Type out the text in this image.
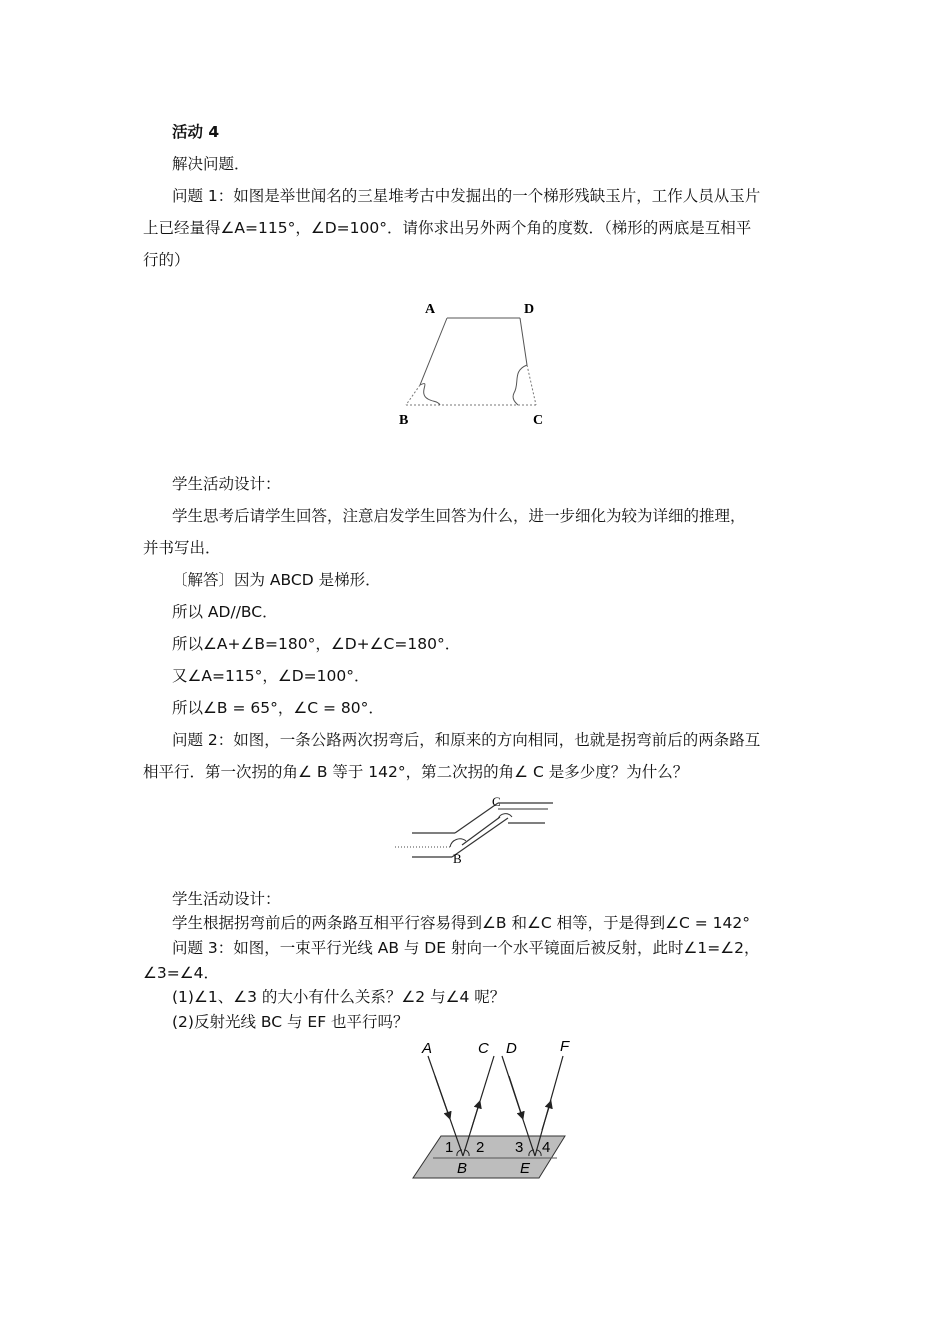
活动 4
解决问题．
问题 1：如图是举世闻名的三星堆考古中发掘出的一个梯形残缺玉片，工作人员从玉片
上已经量得∠A=115°，∠D=100°．请你求出另外两个角的度数．（梯形的两底是互相平
行的）
A	D
B	C
学生活动设计：
学生思考后请学生回答，注意启发学生回答为什么，进一步细化为较为详细的推理，
并书写出．
〔解答〕因为 ABCD 是梯形．
所以 AD//BC．
所以∠A+∠B=180°，∠D+∠C=180°．
又∠A=115°，∠D=100°．
所以∠B = 65°，∠C = 80°．
问题 2：如图，一条公路两次拐弯后，和原来的方向相同，也就是拐弯前后的两条路互
相平行．第一次拐的角∠ B 等于 142°，第二次拐的角∠ C 是多少度？为什么？
C
B
学生活动设计：
学生根据拐弯前后的两条路互相平行容易得到∠B 和∠C 相等，于是得到∠C = 142°
问题 3：如图，一束平行光线 AB 与 DE 射向一个水平镜面后被反射，此时∠1=∠2，
∠3=∠4．
(1)∠1、∠3 的大小有什么关系？∠2 与∠4 呢？
(2)反射光线 BC 与 EF 也平行吗？
A	C D	F
1 2 3 4
B	E
